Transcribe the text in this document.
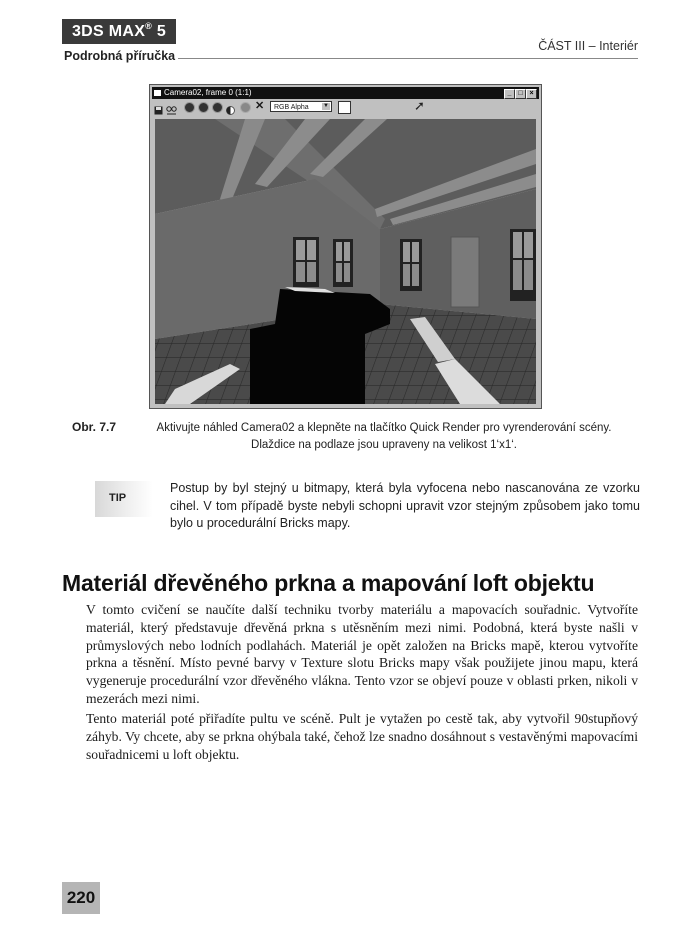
3DS MAX® 5
Podrobná příručka
ČÁST III – Interiér
Camera02, frame 0 (1:1)	_ □ ×
✕	RGB Alpha ▼	➚
Obr. 7.7	Aktivujte náhled Camera02 a klepněte na tlačítko Quick Render pro vyrenderování scény.
Dlaždice na podlaze jsou upraveny na velikost 1‘x1‘.
TIP
Postup by byl stejný u bitmapy, která byla vyfocena nebo nascanována ze vzorku cihel. V tom případě byste nebyli schopni upravit vzor stejným způsobem jako tomu bylo u procedurální Bricks mapy.
Materiál dřevěného prkna a mapování loft objektu
V tomto cvičení se naučíte další techniku tvorby materiálu a mapovacích souřadnic. Vytvoříte materiál, který představuje dřevěná prkna s utěsněním mezi nimi. Podobná, která byste našli v průmyslových nebo lodních podlahách. Materiál je opět založen na Bricks mapě, kterou vytvoříte prkna a těsnění. Místo pevné barvy v Texture slotu Bricks mapy však použijete jinou mapu, která vygeneruje procedurální vzor dřevěného vlákna. Tento vzor se objeví pouze v oblasti prken, nikoli v mezerách mezi nimi.
Tento materiál poté přiřadíte pultu ve scéně. Pult je vytažen po cestě tak, aby vytvořil 90stupňový záhyb. Vy chcete, aby se prkna ohýbala také, čehož lze snadno dosáhnout s vestavěnými mapovacími souřadnicemi u loft objektu.
220
